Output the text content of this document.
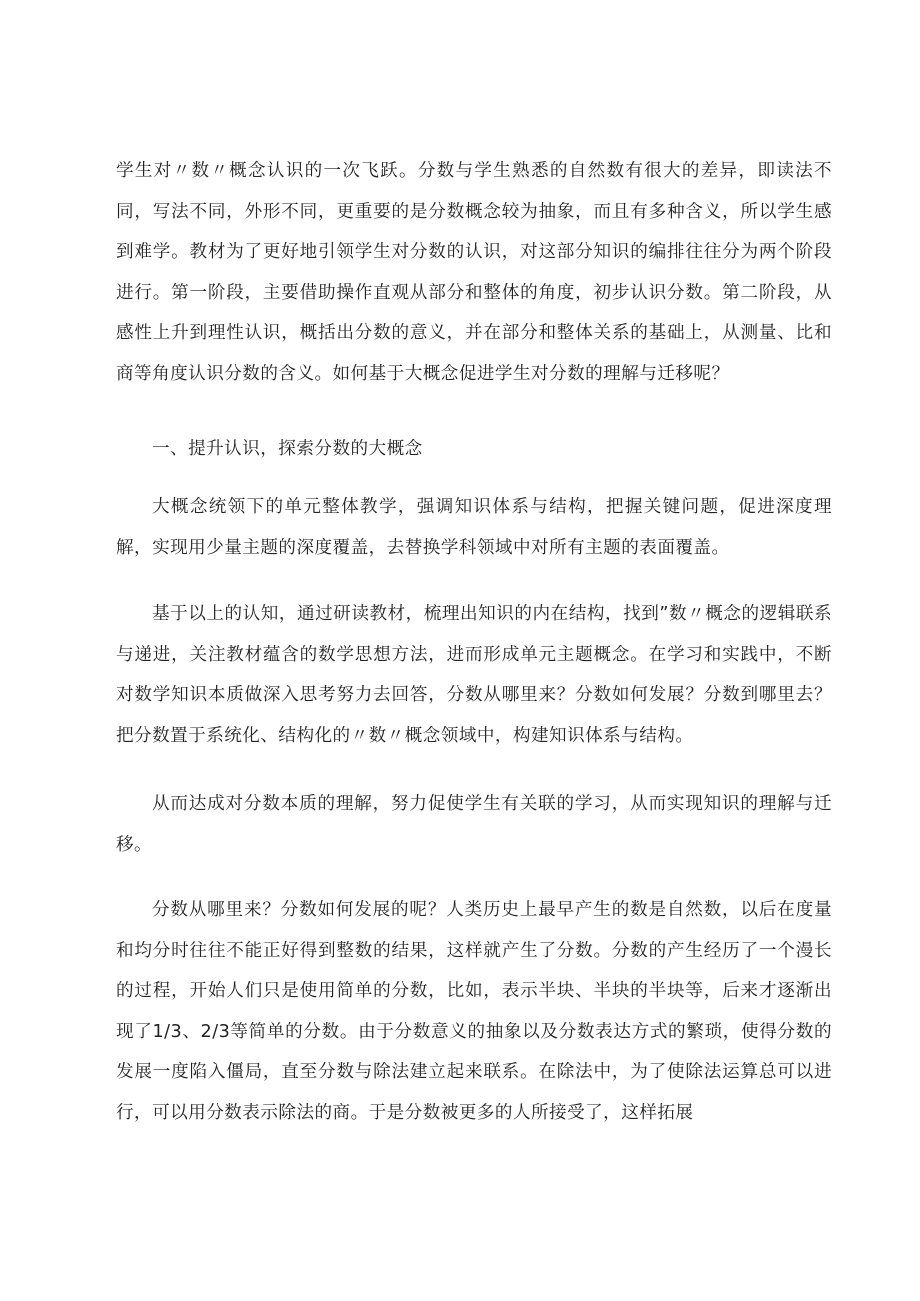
学生对〃数〃概念认识的一次飞跃。分数与学生熟悉的自然数有很大的差异，即读法不同，写法不同，外形不同，更重要的是分数概念较为抽象，而且有多种含义，所以学生感到难学。教材为了更好地引领学生对分数的认识，对这部分知识的编排往往分为两个阶段进行。第一阶段，主要借助操作直观从部分和整体的角度，初步认识分数。第二阶段，从感性上升到理性认识，概括出分数的意义，并在部分和整体关系的基础上，从测量、比和商等角度认识分数的含义。如何基于大概念促进学生对分数的理解与迁移呢？

一、提升认识，探索分数的大概念

大概念统领下的单元整体教学，强调知识体系与结构，把握关键问题，促进深度理解，实现用少量主题的深度覆盖，去替换学科领域中对所有主题的表面覆盖。

基于以上的认知，通过研读教材，梳理出知识的内在结构，找到”数〃概念的逻辑联系与递进，关注教材蕴含的数学思想方法，进而形成单元主题概念。在学习和实践中，不断对数学知识本质做深入思考努力去回答，分数从哪里来？分数如何发展？分数到哪里去？把分数置于系统化、结构化的〃数〃概念领域中，构建知识体系与结构。

从而达成对分数本质的理解，努力促使学生有关联的学习，从而实现知识的理解与迁移。

分数从哪里来？分数如何发展的呢？人类历史上最早产生的数是自然数，以后在度量和均分时往往不能正好得到整数的结果，这样就产生了分数。分数的产生经历了一个漫长的过程，开始人们只是使用简单的分数，比如，表示半块、半块的半块等，后来才逐渐出现了1/3、2/3等简单的分数。由于分数意义的抽象以及分数表达方式的繁琐，使得分数的发展一度陷入僵局，直至分数与除法建立起来联系。在除法中，为了使除法运算总可以进行，可以用分数表示除法的商。于是分数被更多的人所接受了，这样拓展
